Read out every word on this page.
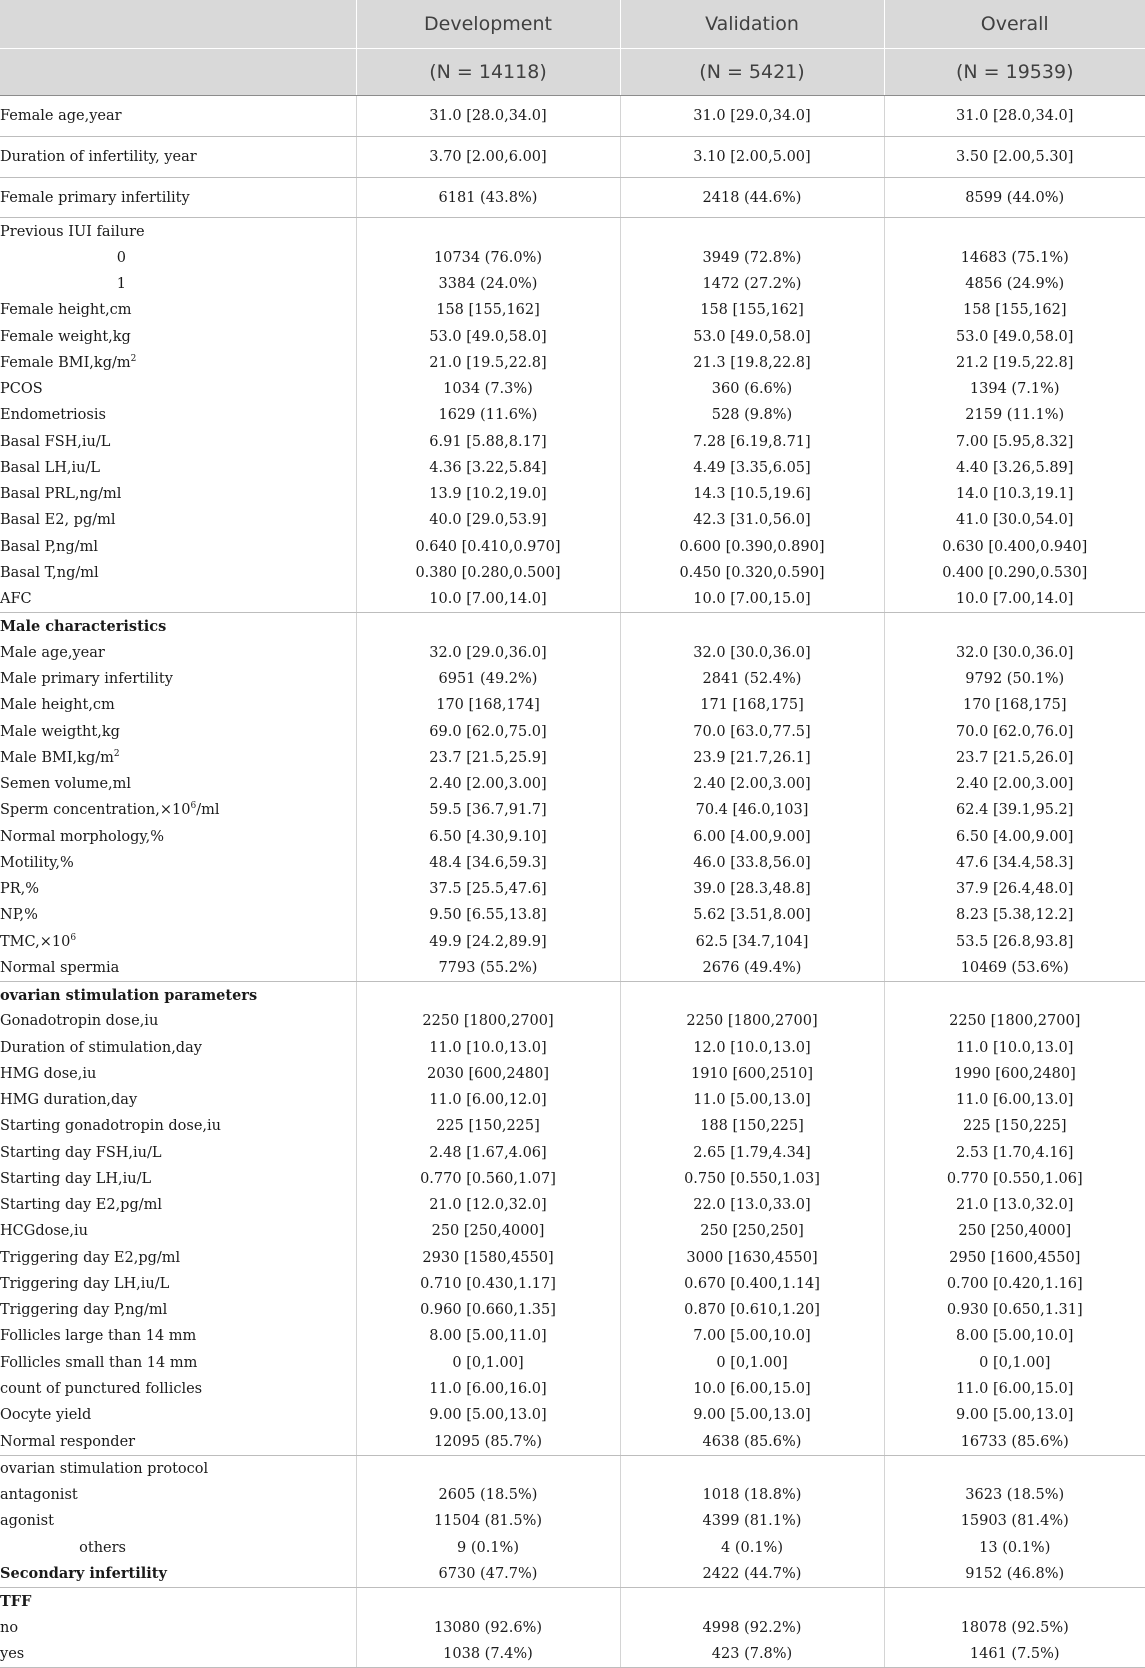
	Development	Validation	Overall
	(N = 14118)	(N = 5421)	(N = 19539)
Female age,year	31.0 [28.0,34.0]	31.0 [29.0,34.0]	31.0 [28.0,34.0]
Duration of infertility, year	3.70 [2.00,6.00]	3.10 [2.00,5.00]	3.50 [2.00,5.30]
Female primary infertility	6181 (43.8%)	2418 (44.6%)	8599 (44.0%)
Previous IUI failure			
0	10734 (76.0%)	3949 (72.8%)	14683 (75.1%)
1	3384 (24.0%)	1472 (27.2%)	4856 (24.9%)
Female height,cm	158 [155,162]	158 [155,162]	158 [155,162]
Female weight,kg	53.0 [49.0,58.0]	53.0 [49.0,58.0]	53.0 [49.0,58.0]
Female $BMI,kg/m^2$	21.0 [19.5,22.8]	21.3 [19.8,22.8]	21.2 [19.5,22.8]
PCOS	1034 (7.3%)	360 (6.6%)	1394 (7.1%)
Endometriosis	1629 (11.6%)	528 (9.8%)	2159 (11.1%)
Basal FSH,iu/L	6.91 [5.88,8.17]	7.28 [6.19,8.71]	7.00 [5.95,8.32]
Basal LH,iu/L	4.36 [3.22,5.84]	4.49 [3.35,6.05]	4.40 [3.26,5.89]
Basal PRL,ng/ml	13.9 [10.2,19.0]	14.3 [10.5,19.6]	14.0 [10.3,19.1]
Basal E2, pg/ml	40.0 [29.0,53.9]	42.3 [31.0,56.0]	41.0 [30.0,54.0]
Basal P,ng/ml	0.640 [0.410,0.970]	0.600 [0.390,0.890]	0.630 [0.400,0.940]
Basal T,ng/ml	0.380 [0.280,0.500]	0.450 [0.320,0.590]	0.400 [0.290,0.530]
AFC	10.0 [7.00,14.0]	10.0 [7.00,15.0]	10.0 [7.00,14.0]
Male characteristics			
Male age,year	32.0 [29.0,36.0]	32.0 [30.0,36.0]	32.0 [30.0,36.0]
Male primary infertility	6951 (49.2%)	2841 (52.4%)	9792 (50.1%)
Male height,cm	170 [168,174]	171 [168,175]	170 [168,175]
Male weigtht,kg	69.0 [62.0,75.0]	70.0 [63.0,77.5]	70.0 [62.0,76.0]
Male $BMI,kg/m^2$	23.7 [21.5,25.9]	23.9 [21.7,26.1]	23.7 [21.5,26.0]
Semen volume,ml	2.40 [2.00,3.00]	2.40 [2.00,3.00]	2.40 [2.00,3.00]
Sperm $concentration,\times 10^6/ml$	59.5 [36.7,91.7]	70.4 [46.0,103]	62.4 [39.1,95.2]
Normal morphology,%	6.50 [4.30,9.10]	6.00 [4.00,9.00]	6.50 [4.00,9.00]
Motility,%	48.4 [34.6,59.3]	46.0 [33.8,56.0]	47.6 [34.4,58.3]
PR,%	37.5 [25.5,47.6]	39.0 [28.3,48.8]	37.9 [26.4,48.0]
NP,%	9.50 [6.55,13.8]	5.62 [3.51,8.00]	8.23 [5.38,12.2]
$TMC,\times 10^6$	49.9 [24.2,89.9]	62.5 [34.7,104]	53.5 [26.8,93.8]
Normal spermia	7793 (55.2%)	2676 (49.4%)	10469 (53.6%)
ovarian stimulation parameters			
Gonadotropin dose,iu	2250 [1800,2700]	2250 [1800,2700]	2250 [1800,2700]
Duration of stimulation,day	11.0 [10.0,13.0]	12.0 [10.0,13.0]	11.0 [10.0,13.0]
HMG dose,iu	2030 [600,2480]	1910 [600,2510]	1990 [600,2480]
HMG duration,day	11.0 [6.00,12.0]	11.0 [5.00,13.0]	11.0 [6.00,13.0]
Starting gonadotropin dose,iu	225 [150,225]	188 [150,225]	225 [150,225]
Starting day FSH,iu/L	2.48 [1.67,4.06]	2.65 [1.79,4.34]	2.53 [1.70,4.16]
Starting day LH,iu/L	0.770 [0.560,1.07]	0.750 [0.550,1.03]	0.770 [0.550,1.06]
Starting day E2,pg/ml	21.0 [12.0,32.0]	22.0 [13.0,33.0]	21.0 [13.0,32.0]
HCGdose,iu	250 [250,4000]	250 [250,250]	250 [250,4000]
Triggering day E2,pg/ml	2930 [1580,4550]	3000 [1630,4550]	2950 [1600,4550]
Triggering day LH,iu/L	0.710 [0.430,1.17]	0.670 [0.400,1.14]	0.700 [0.420,1.16]
Triggering day P,ng/ml	0.960 [0.660,1.35]	0.870 [0.610,1.20]	0.930 [0.650,1.31]
Follicles large than 14 mm	8.00 [5.00,11.0]	7.00 [5.00,10.0]	8.00 [5.00,10.0]
Follicles small than 14 mm	0 [0,1.00]	0 [0,1.00]	0 [0,1.00]
count of punctured follicles	11.0 [6.00,16.0]	10.0 [6.00,15.0]	11.0 [6.00,15.0]
Oocyte yield	9.00 [5.00,13.0]	9.00 [5.00,13.0]	9.00 [5.00,13.0]
Normal responder	12095 (85.7%)	4638 (85.6%)	16733 (85.6%)
ovarian stimulation protocol			
antagonist	2605 (18.5%)	1018 (18.8%)	3623 (18.5%)
agonist	11504 (81.5%)	4399 (81.1%)	15903 (81.4%)
others	9 (0.1%)	4 (0.1%)	13 (0.1%)
Secondary infertility	6730 (47.7%)	2422 (44.7%)	9152 (46.8%)
TFF			
no	13080 (92.6%)	4998 (92.2%)	18078 (92.5%)
yes	1038 (7.4%)	423 (7.8%)	1461 (7.5%)
